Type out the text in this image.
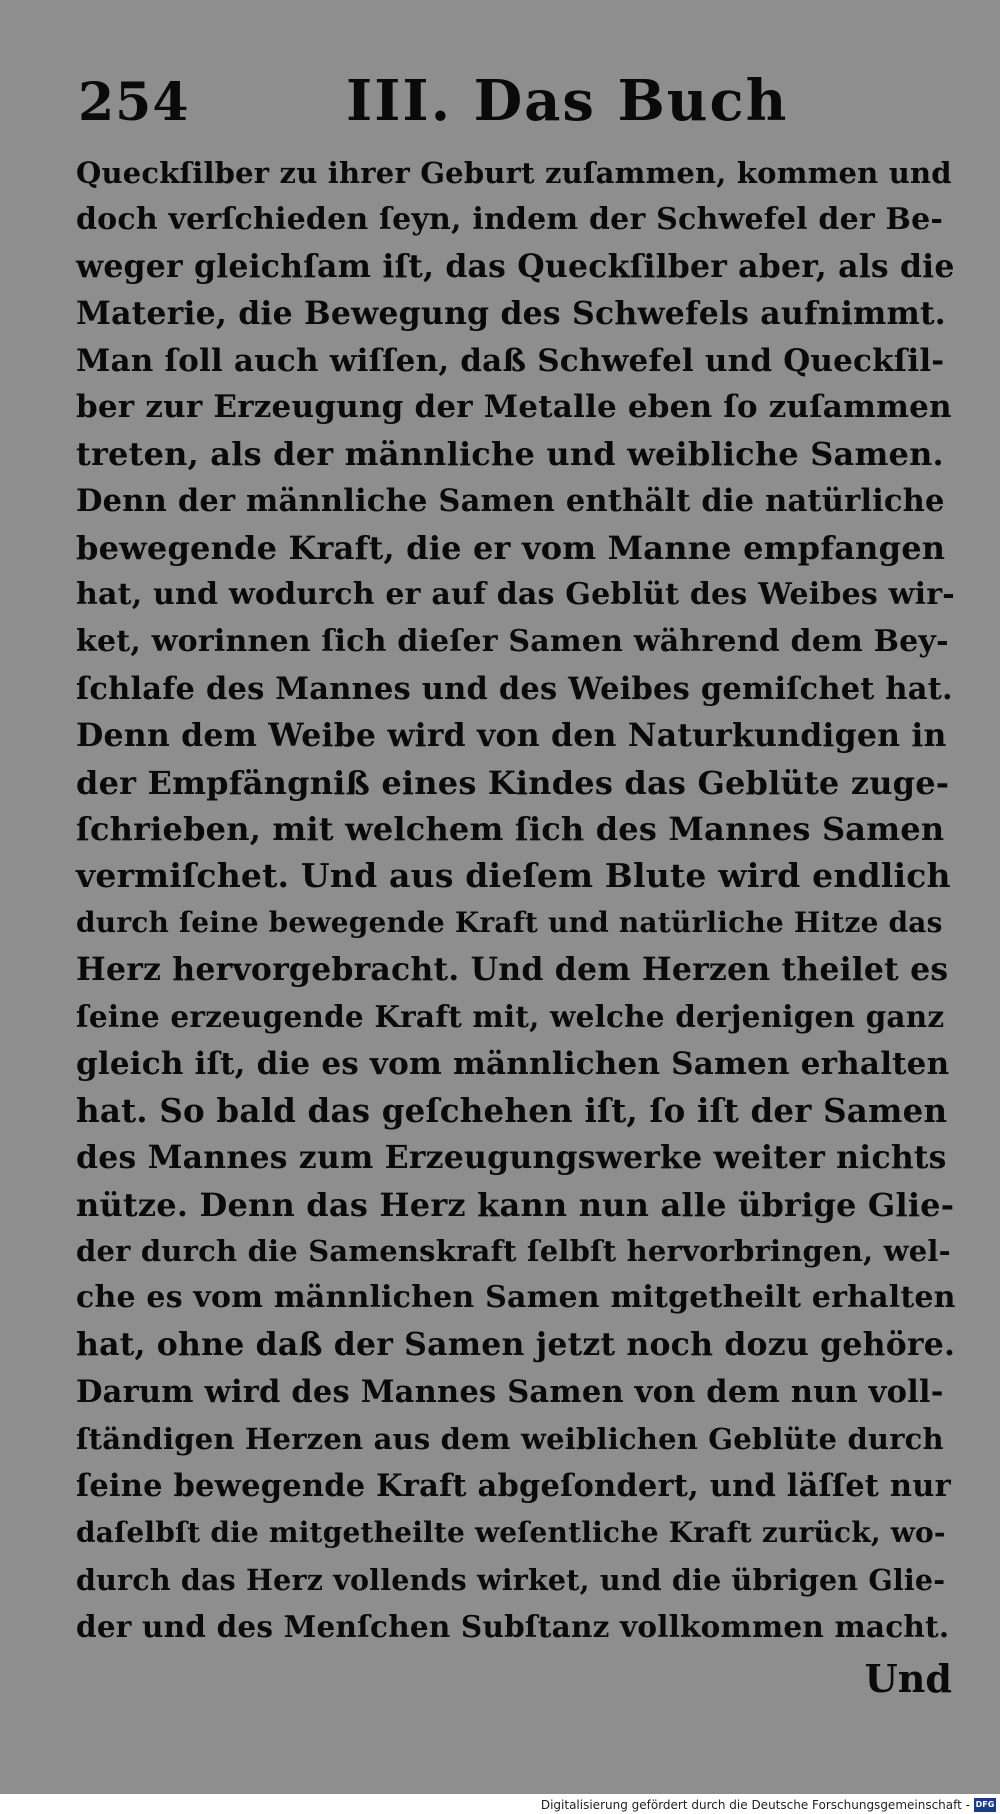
254	III. Das Buch
Queckſilber zu ihrer Geburt zuſammen, kommen und
doch verſchieden ſeyn, indem der Schwefel der Be-
weger gleichſam iſt, das Queckſilber aber, als die
Materie, die Bewegung des Schwefels aufnimmt.
Man ſoll auch wiſſen, daß Schwefel und Queckſil-
ber zur Erzeugung der Metalle eben ſo zuſammen
treten, als der männliche und weibliche Samen.
Denn der männliche Samen enthält die natürliche
bewegende Kraft, die er vom Manne empfangen
hat, und wodurch er auf das Geblüt des Weibes wir-
ket, worinnen ſich dieſer Samen während dem Bey-
ſchlafe des Mannes und des Weibes gemiſchet hat.
Denn dem Weibe wird von den Naturkundigen in
der Empfängniß eines Kindes das Geblüte zuge-
ſchrieben, mit welchem ſich des Mannes Samen
vermiſchet. Und aus dieſem Blute wird endlich
durch ſeine bewegende Kraft und natürliche Hitze das
Herz hervorgebracht. Und dem Herzen theilet es
ſeine erzeugende Kraft mit, welche derjenigen ganz
gleich iſt, die es vom männlichen Samen erhalten
hat. So bald das geſchehen iſt, ſo iſt der Samen
des Mannes zum Erzeugungswerke weiter nichts
nütze. Denn das Herz kann nun alle übrige Glie-
der durch die Samenskraft ſelbſt hervorbringen, wel-
che es vom männlichen Samen mitgetheilt erhalten
hat, ohne daß der Samen jetzt noch dozu gehöre.
Darum wird des Mannes Samen von dem nun voll-
ſtändigen Herzen aus dem weiblichen Geblüte durch
ſeine bewegende Kraft abgeſondert, und läſſet nur
daſelbſt die mitgetheilte weſentliche Kraft zurück, wo-
durch das Herz vollends wirket, und die übrigen Glie-
der und des Menſchen Subſtanz vollkommen macht.
Und
Digitalisierung gefördert durch die Deutsche Forschungsgemeinschaft - DFG
